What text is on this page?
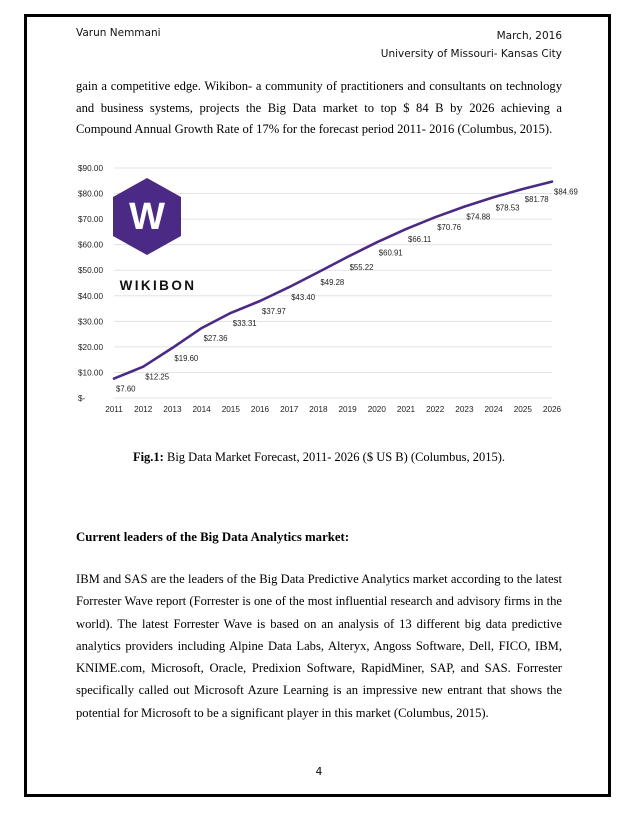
Varun Nemmani	March, 2016
University of Missouri- Kansas City
gain a competitive edge. Wikibon- a community of practitioners and consultants on technology and business systems, projects the Big Data market to top $ 84 B by 2026 achieving a Compound Annual Growth Rate of 17% for the forecast period 2011- 2016 (Columbus, 2015).
$-
$10.00
$20.00
$30.00
$40.00
$50.00
$60.00
$70.00
$80.00
$90.00
2011 2012 2013 2014 2015 2016 2017 2018 2019 2020 2021 2022 2023 2024 2025 2026
W
WIKIBON
$7.60
$12.25
$19.60
$27.36
$33.31
$37.97
$43.40
$49.28
$55.22
$60.91
$66.11
$70.76
$74.88
$78.53
$81.78
$84.69
Fig.1: Big Data Market Forecast, 2011- 2026 ($ US B) (Columbus, 2015).
Current leaders of the Big Data Analytics market:
IBM and SAS are the leaders of the Big Data Predictive Analytics market according to the latest Forrester Wave report (Forrester is one of the most influential research and advisory firms in the world). The latest Forrester Wave is based on an analysis of 13 different big data predictive analytics providers including Alpine Data Labs, Alteryx, Angoss Software, Dell, FICO, IBM, KNIME.com, Microsoft, Oracle, Predixion Software, RapidMiner, SAP, and SAS. Forrester specifically called out Microsoft Azure Learning is an impressive new entrant that shows the potential for Microsoft to be a significant player in this market (Columbus, 2015).
4
